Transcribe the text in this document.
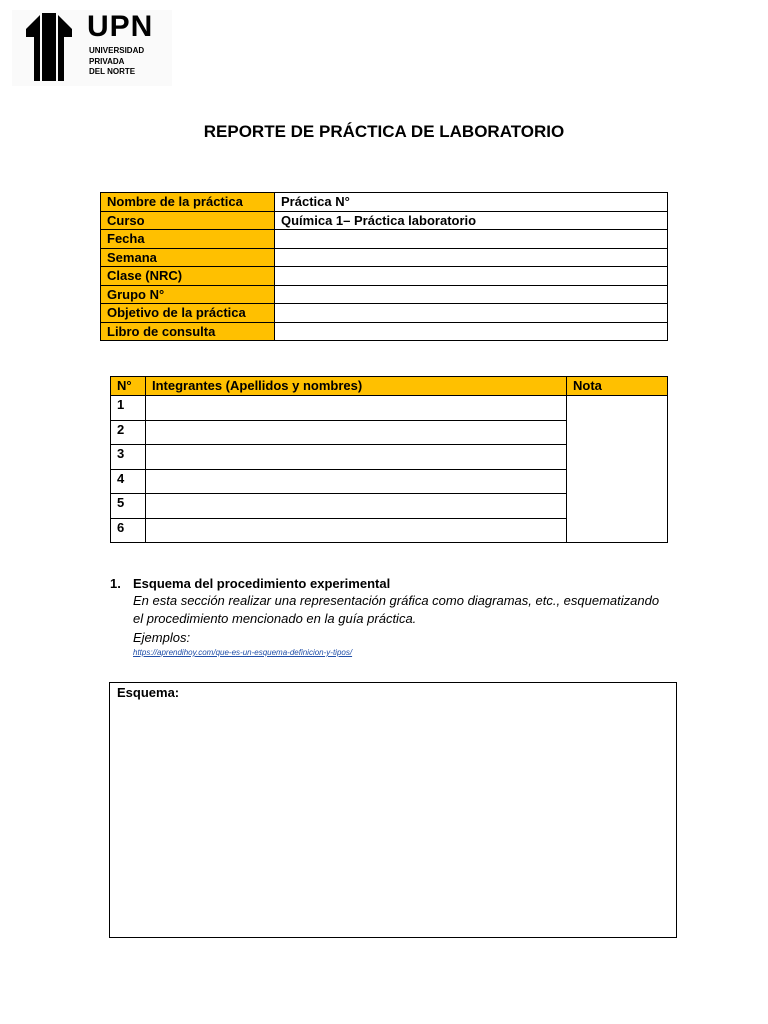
UPN
UNIVERSIDAD
PRIVADA
DEL NORTE
REPORTE DE PRÁCTICA DE LABORATORIO
Nombre de la práctica	Práctica N°
Curso	Química 1– Práctica laboratorio
Fecha	
Semana	
Clase (NRC)	
Grupo N°	
Objetivo de la práctica	
Libro de consulta	
N°	Integrantes (Apellidos y nombres)	Nota
1		
2		
3		
4		
5		
6		
1. Esquema del procedimiento experimental
En esta sección realizar una representación gráfica como diagramas, etc., esquematizando el procedimiento mencionado en la guía práctica.
Ejemplos:
https://aprendihoy.com/que-es-un-esquema-definicion-y-tipos/
Esquema:
